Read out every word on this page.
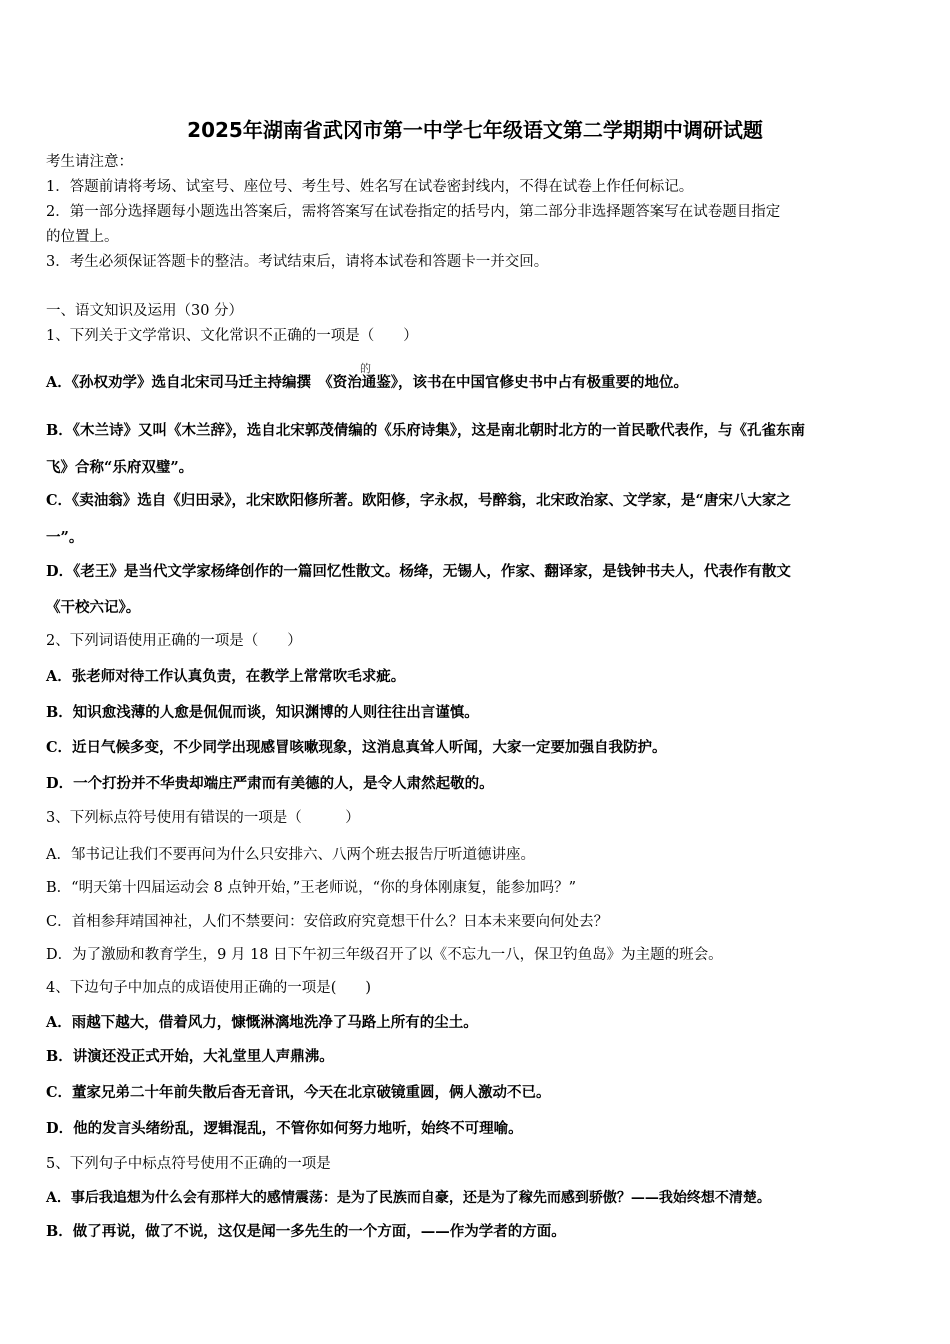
2025年湖南省武冈市第一中学七年级语文第二学期期中调研试题
考生请注意：
1．答题前请将考场、试室号、座位号、考生号、姓名写在试卷密封线内，不得在试卷上作任何标记。
2．第一部分选择题每小题选出答案后，需将答案写在试卷指定的括号内，第二部分非选择题答案写在试卷题目指定
的位置上。
3．考生必须保证答题卡的整洁。考试结束后，请将本试卷和答题卡一并交回。
一、语文知识及运用（30 分）
1、下列关于文学常识、文化常识不正确的一项是（　　）
的
A．《孙权劝学》选自北宋司马迁主持编撰　《资治通鉴》，该书在中国官修史书中占有极重要的地位。
B．《木兰诗》又叫《木兰辞》，选自北宋郭茂倩编的《乐府诗集》，这是南北朝时北方的一首民歌代表作，与《孔雀东南
飞》合称“乐府双璧”。
C．《卖油翁》选自《归田录》，北宋欧阳修所著。欧阳修，字永叔，号醉翁，北宋政治家、文学家，是“唐宋八大家之
一”。
D．《老王》是当代文学家杨绛创作的一篇回忆性散文。杨绛，无锡人，作家、翻译家，是钱钟书夫人，代表作有散文
《干校六记》。
2、下列词语使用正确的一项是（　　）
A．张老师对待工作认真负责，在教学上常常吹毛求疵。
B．知识愈浅薄的人愈是侃侃而谈，知识渊博的人则往往出言谨慎。
C．近日气候多变，不少同学出现感冒咳嗽现象，这消息真耸人听闻，大家一定要加强自我防护。
D．一个打扮并不华贵却端庄严肃而有美德的人，是令人肃然起敬的。
3、下列标点符号使用有错误的一项是（　　　）
A．邹书记让我们不要再问为什么只安排六、八两个班去报告厅听道德讲座。
B．“明天第十四届运动会 8 点钟开始，”王老师说，“你的身体刚康复，能参加吗？”
C．首相参拜靖国神社，人们不禁要问：安倍政府究竟想干什么？日本未来要向何处去？
D．为了激励和教育学生，9 月 18 日下午初三年级召开了以《不忘九一八，保卫钓鱼岛》为主题的班会。
4、下边句子中加点的成语使用正确的一项是(　　)
A．雨越下越大，借着风力，慷慨淋漓地洗净了马路上所有的尘土。
B．讲演还没正式开始，大礼堂里人声鼎沸。
C．董家兄弟二十年前失散后杳无音讯，今天在北京破镜重圆，俩人激动不已。
D．他的发言头绪纷乱，逻辑混乱，不管你如何努力地听，始终不可理喻。
5、下列句子中标点符号使用不正确的一项是
A．事后我追想为什么会有那样大的感情震荡：是为了民族而自豪，还是为了稼先而感到骄傲？——我始终想不清楚。
B．做了再说，做了不说，这仅是闻一多先生的一个方面，——作为学者的方面。
